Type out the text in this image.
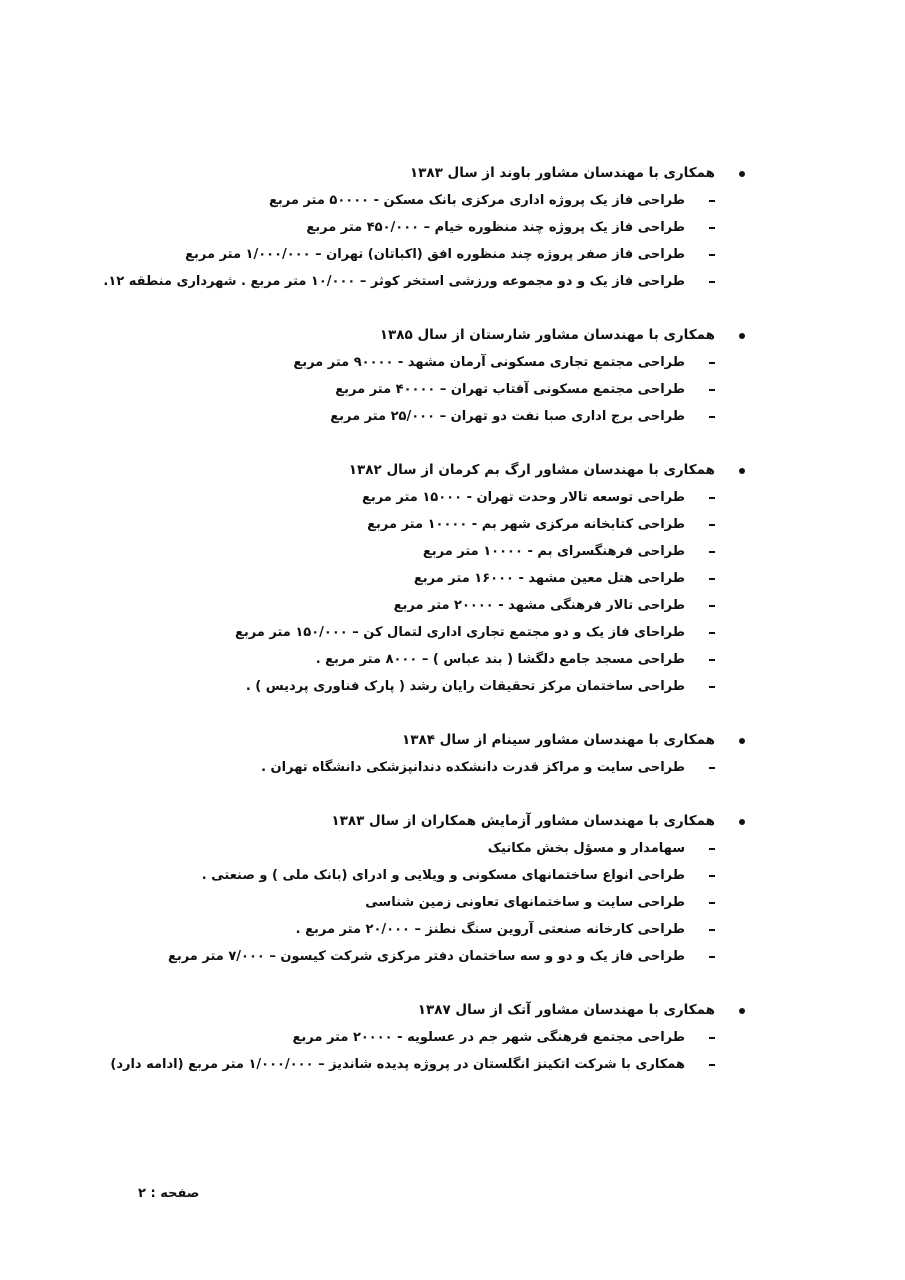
همکاری با مهندسان مشاور باوند از سال ۱۳۸۳
طراحی فاز یک پروژه اداری مرکزی بانک مسکن - ۵۰۰۰۰ متر مربع
طراحی فاز یک پروژه چند منظوره خیام – ۴۵۰/۰۰۰ متر مربع
طراحی فاز صفر پروژه چند منظوره افق (اکباتان) تهران – ۱/۰۰۰/۰۰۰ متر مربع
طراحی فاز یک و دو مجموعه ورزشی استخر کوثر – ۱۰/۰۰۰ متر مربع . شهرداری منطقه ۱۲.
همکاری با مهندسان مشاور شارستان از سال ۱۳۸۵
طراحی مجتمع تجاری مسکونی آرمان مشهد - ۹۰۰۰۰ متر مربع
طراحی مجتمع مسکونی آفتاب تهران – ۴۰۰۰۰ متر مربع
طراحی برج اداری صبا نفت دو تهران – ۲۵/۰۰۰ متر مربع
همکاری با مهندسان مشاور ارگ بم کرمان از سال ۱۳۸۲
طراحی توسعه تالار وحدت تهران - ۱۵۰۰۰ متر مربع
طراحی کتابخانه مرکزی شهر بم - ۱۰۰۰۰ متر مربع
طراحی فرهنگسرای بم - ۱۰۰۰۰ متر مربع
طراحی هتل معین مشهد - ۱۶۰۰۰ متر مربع
طراحی تالار فرهنگی مشهد - ۲۰۰۰۰ متر مربع
طراحای فاز یک و دو مجتمع تجاری اداری لتمال کن – ۱۵۰/۰۰۰ متر مربع
طراحی مسجد جامع دلگشا ( بند عباس ) – ۸۰۰۰ متر مربع .
طراحی ساختمان مرکز تحقیقات رایان رشد ( پارک فناوری پردیس ) .
همکاری با مهندسان مشاور سینام از سال ۱۳۸۴
طراحی سایت و مراکز قدرت دانشکده دندانپزشکی دانشگاه تهران .
همکاری با مهندسان مشاور آزمایش همکاران از سال ۱۳۸۳
سهامدار و مسؤل بخش مکانیک
طراحی انواع ساختمانهای مسکونی و ویلایی و ادرای (بانک ملی ) و صنعتی .
طراحی سایت و ساختمانهای تعاونی زمین شناسی
طراحی کارخانه صنعتی آروین سنگ نطنز – ۲۰/۰۰۰ متر مربع .
طراحی فاز یک و دو و سه ساختمان دفتر مرکزی شرکت کیسون – ۷/۰۰۰ متر مربع
همکاری با مهندسان مشاور آتک از سال ۱۳۸۷
طراحی مجتمع فرهنگی شهر جم در عسلویه - ۲۰۰۰۰ متر مربع
همکاری با شرکت اتکینز انگلستان در پروژه پدیده شاندیز – ۱/۰۰۰/۰۰۰ متر مربع (ادامه دارد)
صفحه : ۲
